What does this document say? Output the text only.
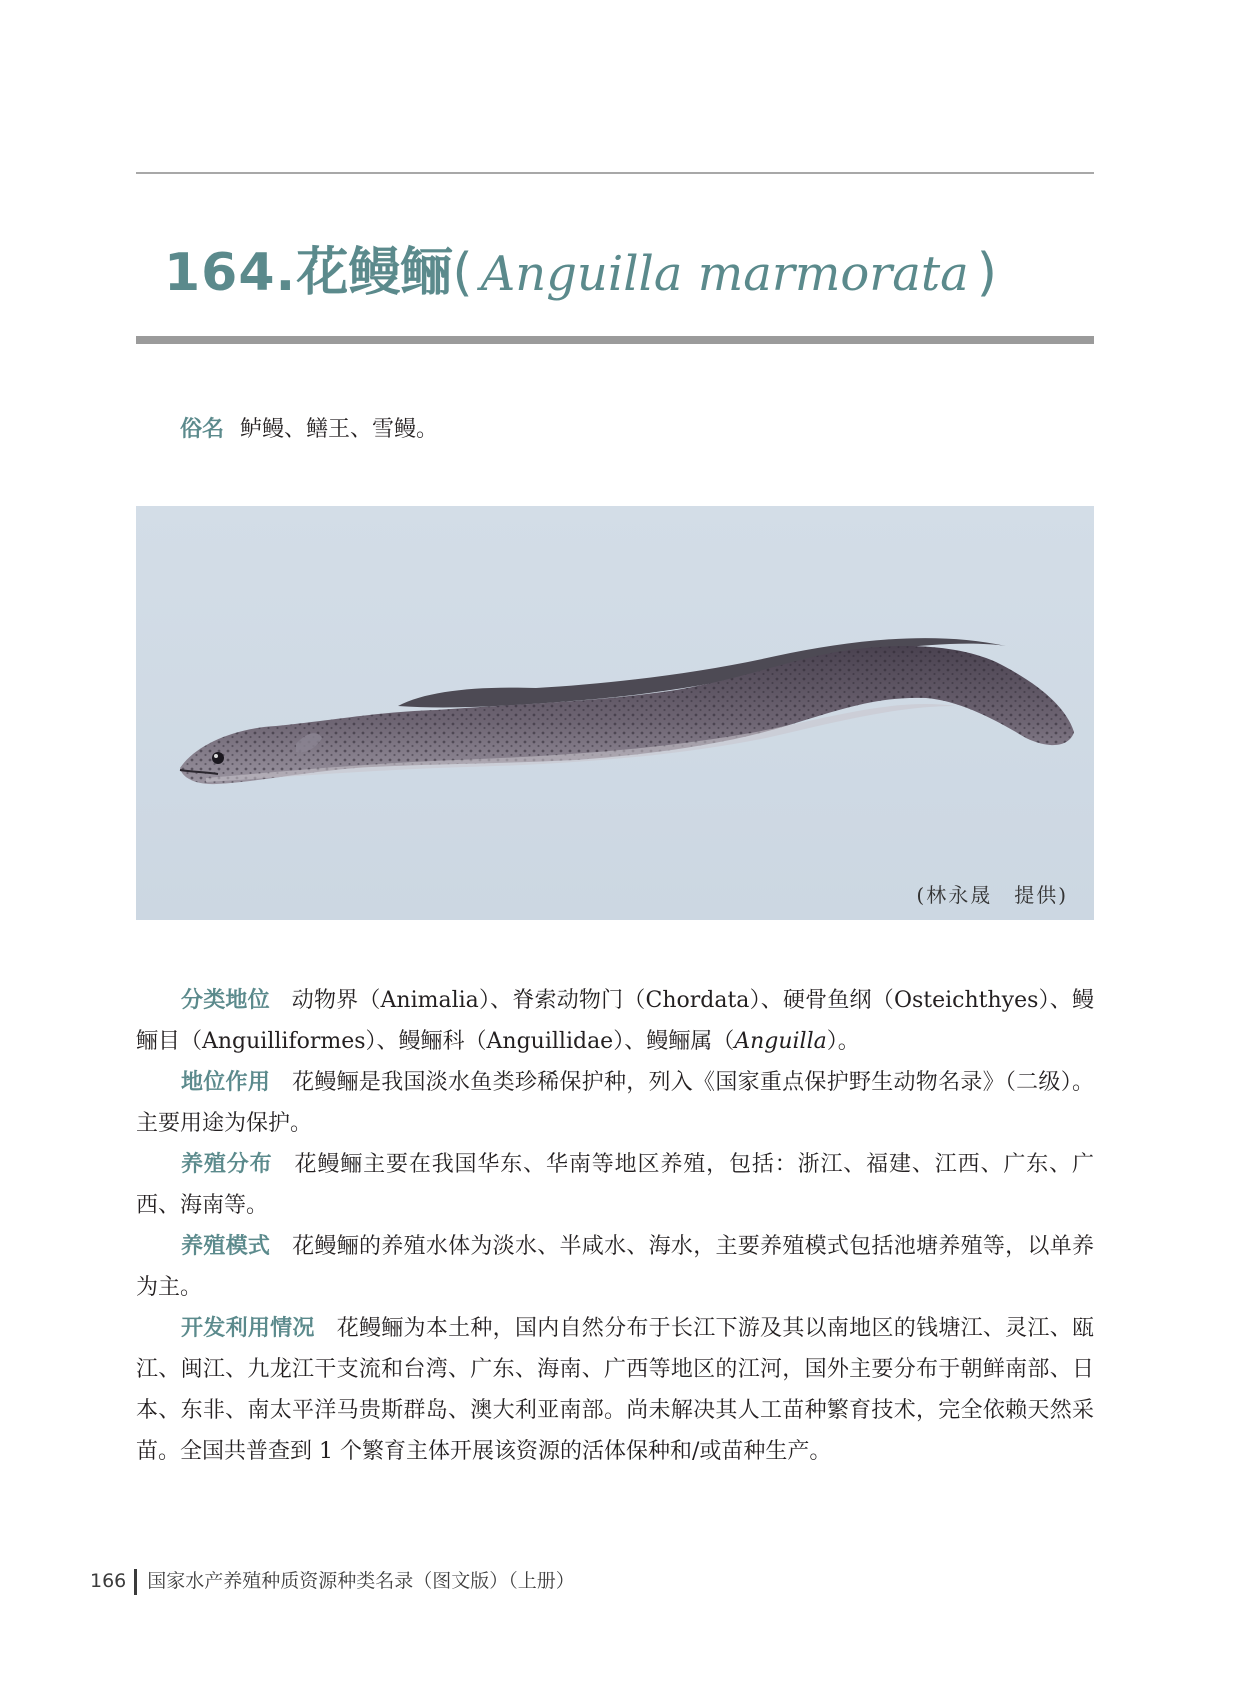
164.花鳗鲡( Anguilla marmorata )
俗名 鲈鳗、鳝王、雪鳗。
(林永晟　提供)

分类地位 动物界（Animalia）、脊索动物门（Chordata）、硬骨鱼纲（Osteichthyes）、鳗鲡目（Anguilliformes）、鳗鲡科（Anguillidae）、鳗鲡属（Anguilla）。

地位作用 花鳗鲡是我国淡水鱼类珍稀保护种，列入《国家重点保护野生动物名录》（二级）。主要用途为保护。

养殖分布 花鳗鲡主要在我国华东、华南等地区养殖，包括：浙江、福建、江西、广东、广西、海南等。

养殖模式 花鳗鲡的养殖水体为淡水、半咸水、海水，主要养殖模式包括池塘养殖等，以单养为主。

开发利用情况 花鳗鲡为本土种，国内自然分布于长江下游及其以南地区的钱塘江、灵江、瓯江、闽江、九龙江干支流和台湾、广东、海南、广西等地区的江河，国外主要分布于朝鲜南部、日本、东非、南太平洋马贵斯群岛、澳大利亚南部。尚未解决其人工苗种繁育技术，完全依赖天然采苗。全国共普查到 1 个繁育主体开展该资源的活体保种和/或苗种生产。

166 国家水产养殖种质资源种类名录（图文版）（上册）
